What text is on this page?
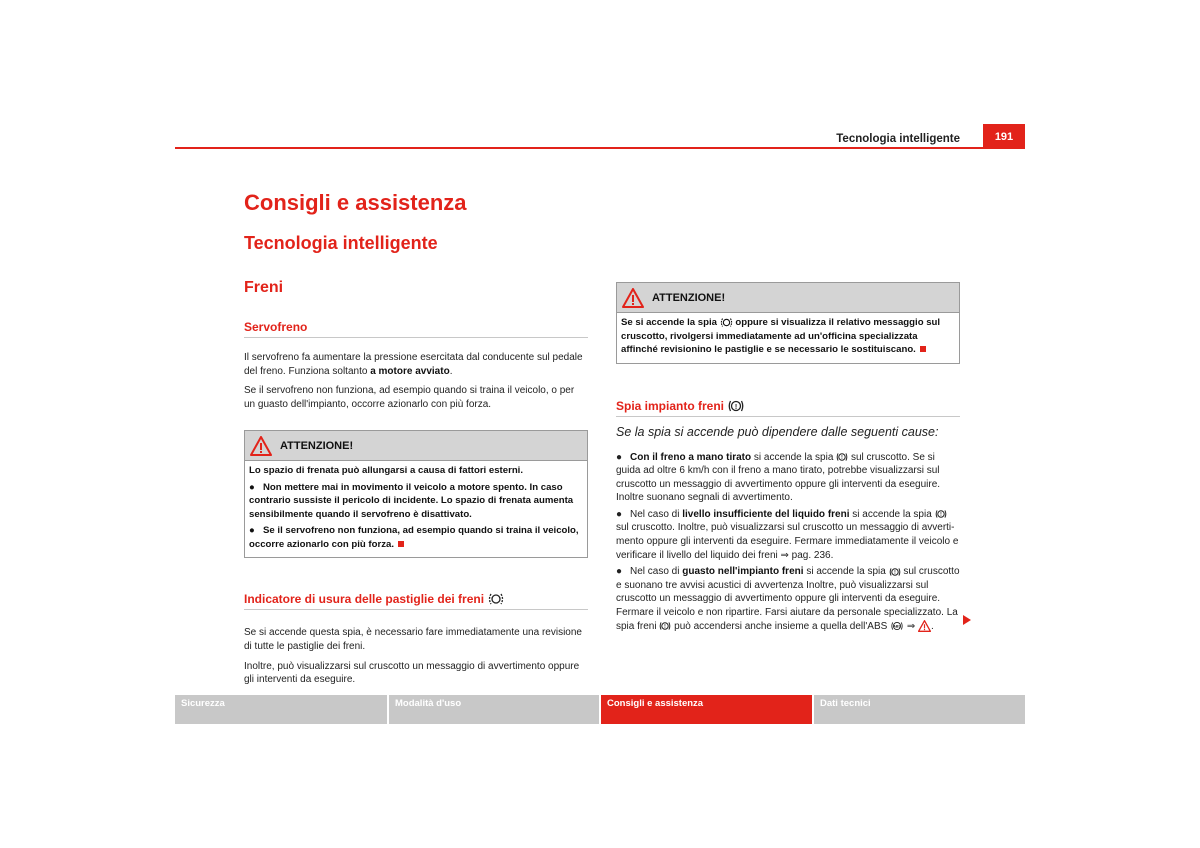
Tecnologia intelligente	191
Consigli e assistenza
Tecnologia intelligente
Freni
Servofreno

Il servofreno fa aumentare la pressione esercitata dal conducente sul pedale del freno. Funziona soltanto a motore avviato.

Se il servofreno non funziona, ad esempio quando si traina il veicolo, o per un guasto dell'impianto, occorre azionarlo con più forza.

ATTENZIONE!

Lo spazio di frenata può allungarsi a causa di fattori esterni.

● Non mettere mai in movimento il veicolo a motore spento. In caso contrario sussiste il pericolo di incidente. Lo spazio di frenata aumenta sensibilmente quando il servofreno è disattivato.

● Se il servofreno non funziona, ad esempio quando si traina il veicolo, occorre azionarlo con più forza.

Indicatore di usura delle pastiglie dei freni

Se si accende questa spia, è necessario fare immediatamente una revisione di tutte le pastiglie dei freni.

Inoltre, può visualizzarsi sul cruscotto un messaggio di avvertimento oppure gli interventi da eseguire.

ATTENZIONE!

Se si accende la spia oppure si visualizza il relativo messaggio sul cruscotto, rivolgersi immediatamente ad un'officina specializzata affinché revisionino le pastiglie e se necessario le sostituiscano.

Spia impianto freni !

Se la spia si accende può dipendere dalle seguenti cause:

● Con il freno a mano tirato si accende la spia ! sul cruscotto. Se si guida ad oltre 6 km/h con il freno a mano tirato, potrebbe visualizzarsi sul cruscotto un messaggio di avvertimento oppure gli interventi da eseguire. Inoltre suonano segnali di avvertimento.

● Nel caso di livello insufficiente del liquido freni si accende la spia !
sul cruscotto. Inoltre, può visualizzarsi sul cruscotto un messaggio di avvertimento oppure gli interventi da eseguire. Fermare immediatamente il veicolo e verificare il livello del liquido dei freni ⇒ pag. 236.

● Nel caso di guasto nell'impianto freni si accende la spia ! sul cruscotto e suonano tre avvisi acustici di avvertenza Inoltre, può visualizzarsi sul cruscotto un messaggio di avvertimento oppure gli interventi da eseguire. Fermare il veicolo e non ripartire. Farsi aiutare da personale specializzato. La spia freni ! può accendersi anche insieme a quella dell'ABS ABS ⇒ .

Sicurezza	Modalità d'uso	Consigli e assistenza	Dati tecnici
